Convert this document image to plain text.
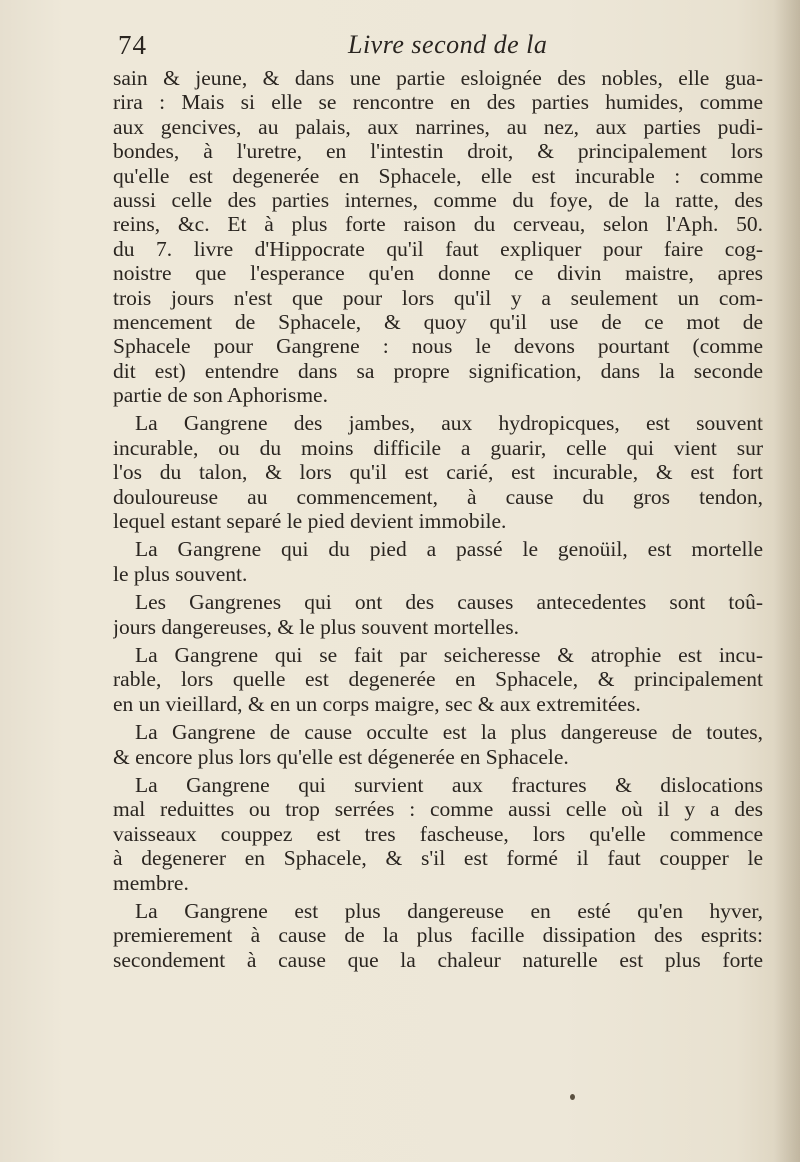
74	Livre second de la
sain & jeune, & dans une partie esloignée des nobles, elle gua-
rira : Mais si elle se rencontre en des parties humides, comme
aux gencives, au palais, aux narrines, au nez, aux parties pudi-
bondes, à l'uretre, en l'intestin droit, & principalement lors
qu'elle est degenerée en Sphacele, elle est incurable : comme
aussi celle des parties internes, comme du foye, de la ratte, des
reins, &c. Et à plus forte raison du cerveau, selon l'Aph. 50.
du 7. livre d'Hippocrate qu'il faut expliquer pour faire cog-
noistre que l'esperance qu'en donne ce divin maistre, apres
trois jours n'est que pour lors qu'il y a seulement un com-
mencement de Sphacele, & quoy qu'il use de ce mot de
Sphacele pour Gangrene : nous le devons pourtant (comme
dit est) entendre dans sa propre signification, dans la seconde
partie de son Aphorisme.
La Gangrene des jambes, aux hydropicques, est souvent
incurable, ou du moins difficile a guarir, celle qui vient sur
l'os du talon, & lors qu'il est carié, est incurable, & est fort
douloureuse au commencement, à cause du gros tendon,
lequel estant separé le pied devient immobile.
La Gangrene qui du pied a passé le genoüil, est mortelle
le plus souvent.
Les Gangrenes qui ont des causes antecedentes sont toû-
jours dangereuses, & le plus souvent mortelles.
La Gangrene qui se fait par seicheresse & atrophie est incu-
rable, lors quelle est degenerée en Sphacele, & principalement
en un vieillard, & en un corps maigre, sec & aux extremitées.
La Gangrene de cause occulte est la plus dangereuse de toutes,
& encore plus lors qu'elle est dégenerée en Sphacele.
La Gangrene qui survient aux fractures & dislocations
mal reduittes ou trop serrées : comme aussi celle où il y a des
vaisseaux couppez est tres fascheuse, lors qu'elle commence
à degenerer en Sphacele, & s'il est formé il faut coupper le
membre.
La Gangrene est plus dangereuse en esté qu'en hyver,
premierement à cause de la plus facille dissipation des esprits:
secondement à cause que la chaleur naturelle est plus forte
